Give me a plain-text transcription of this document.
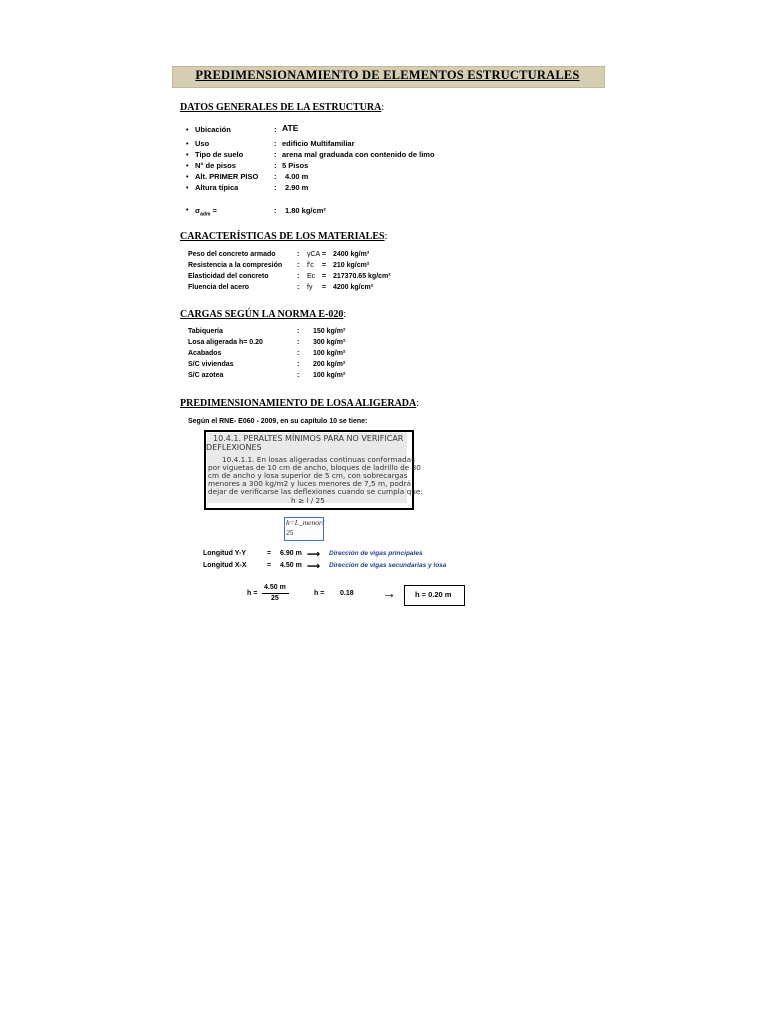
PREDIMENSIONAMIENTO DE ELEMENTOS ESTRUCTURALES
DATOS GENERALES DE LA ESTRUCTURA:
• Ubicación	: ATE
• Uso	: edificio Multifamiliar
• Tipo de suelo	: arena mal graduada con contenido de limo
• N° de pisos	: 5 Pisos
• Alt. PRIMER PISO : 4.00 m
• Altura típica	: 2.90 m
• $\sigma_{adm}$ =	: 1.80 kg/cm²
CARACTERÍSTICAS DE LOS MATERIALES:
Peso del concreto armado	: γCA = 2400 kg/m³
Resistencia a la compresión : f'c = 210 kg/cm²
Elasticidad del concreto	: Ec = 217370.65 kg/cm²
Fluencia del acero	: fy = 4200 kg/cm²
CARGAS SEGÚN LA NORMA E-020:
Tabiquería	: 150 kg/m²
Losa aligerada h= 0.20	: 300 kg/m²
Acabados	: 100 kg/m²
S/C viviendas	: 200 kg/m²
S/C azotea	: 100 kg/m²
PREDIMENSIONAMIENTO DE LOSA ALIGERADA:
Según el RNE- E060 - 2009, en su capítulo 10 se tiene:
10.4.1. PERALTES MÍNIMOS PARA NO VERIFICAR
DEFLEXIONES
10.4.1.1. En losas aligeradas continuas conformadas
por viguetas de 10 cm de ancho, bloques de ladrillo de 30
cm de ancho y losa superior de 5 cm, con sobrecargas
menores a 300 kg/m2 y luces menores de 7,5 m, podrá
dejar de verificarse las deflexiones cuando se cumpla que:
h ≥ l / 25
h=L_menor/
25
Longitud Y-Y	= 6.90 m ⟶ Dirección de vigas principales
Longitud X-X	= 4.50 m ⟶ Dirección de vigas secundarias y losa
h =
4.50 m
25
h = 0.18 →	h = 0.20 m
